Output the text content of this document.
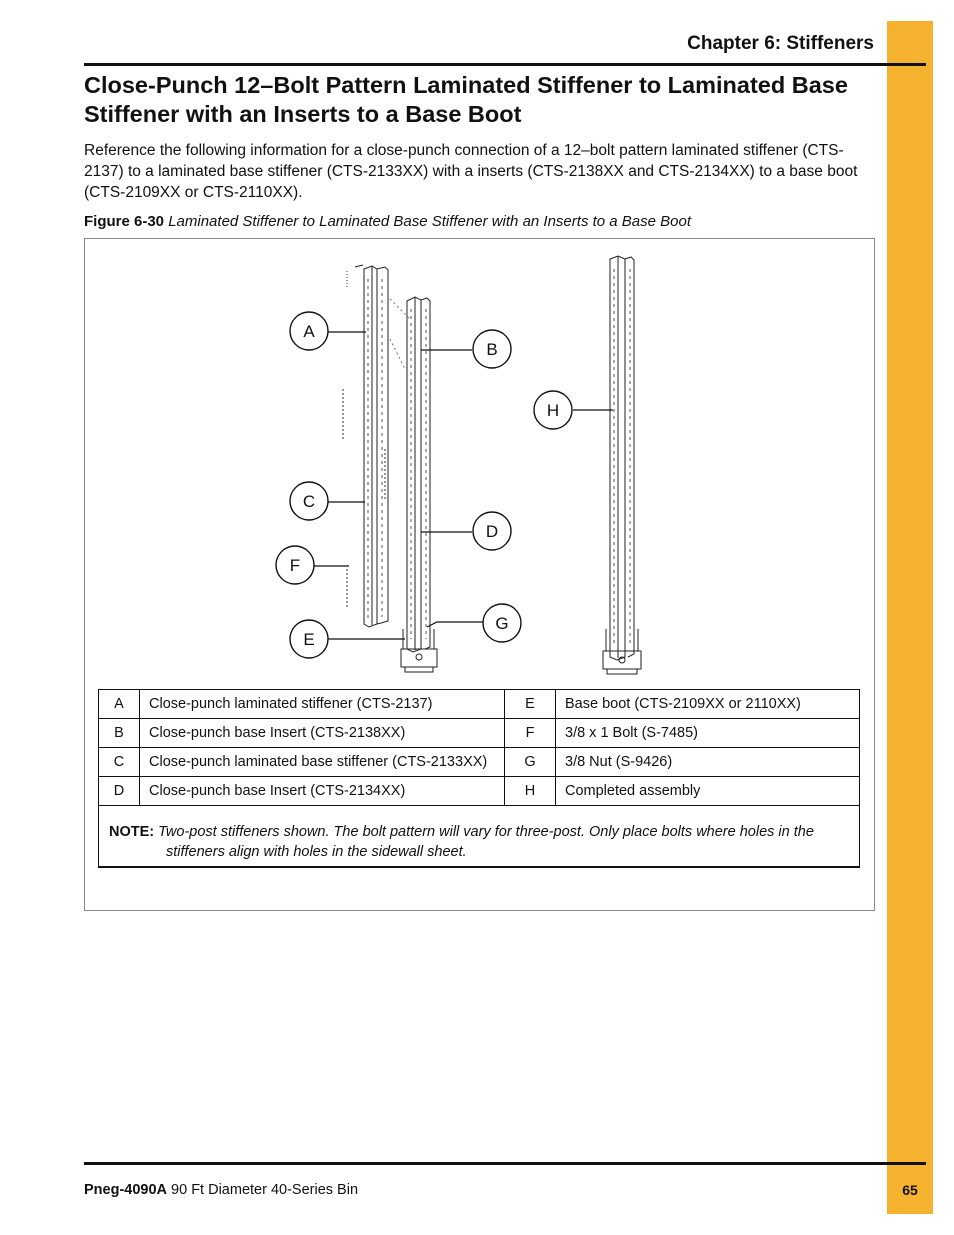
65
Chapter 6: Stiffeners
Close-Punch 12–Bolt Pattern Laminated Stiffener to Laminated Base Stiffener with an Inserts to a Base Boot

Reference the following information for a close-punch connection of a 12–bolt pattern laminated stiffener (CTS-2137) to a laminated base stiffener (CTS-2133XX) with a inserts (CTS-2138XX and CTS-2134XX) to a base boot (CTS-2109XX or CTS-2110XX).

Figure 6-30 Laminated Stiffener to Laminated Base Stiffener with an Inserts to a Base Boot
A
B
C
D
E
F
G
H
A	Close-punch laminated stiffener (CTS-2137)	E	Base boot (CTS-2109XX or 2110XX)
B	Close-punch base Insert (CTS-2138XX)	F	3/8 x 1 Bolt (S-7485)
C	Close-punch laminated base stiffener (CTS-2133XX)	G	3/8 Nut (S-9426)
D	Close-punch base Insert (CTS-2134XX)	H	Completed assembly

NOTE: Two-post stiffeners shown. The bolt pattern will vary for three-post. Only place bolts where holes in the stiffeners align with holes in the sidewall sheet.			
Pneg-4090A 90 Ft Diameter 40-Series Bin
